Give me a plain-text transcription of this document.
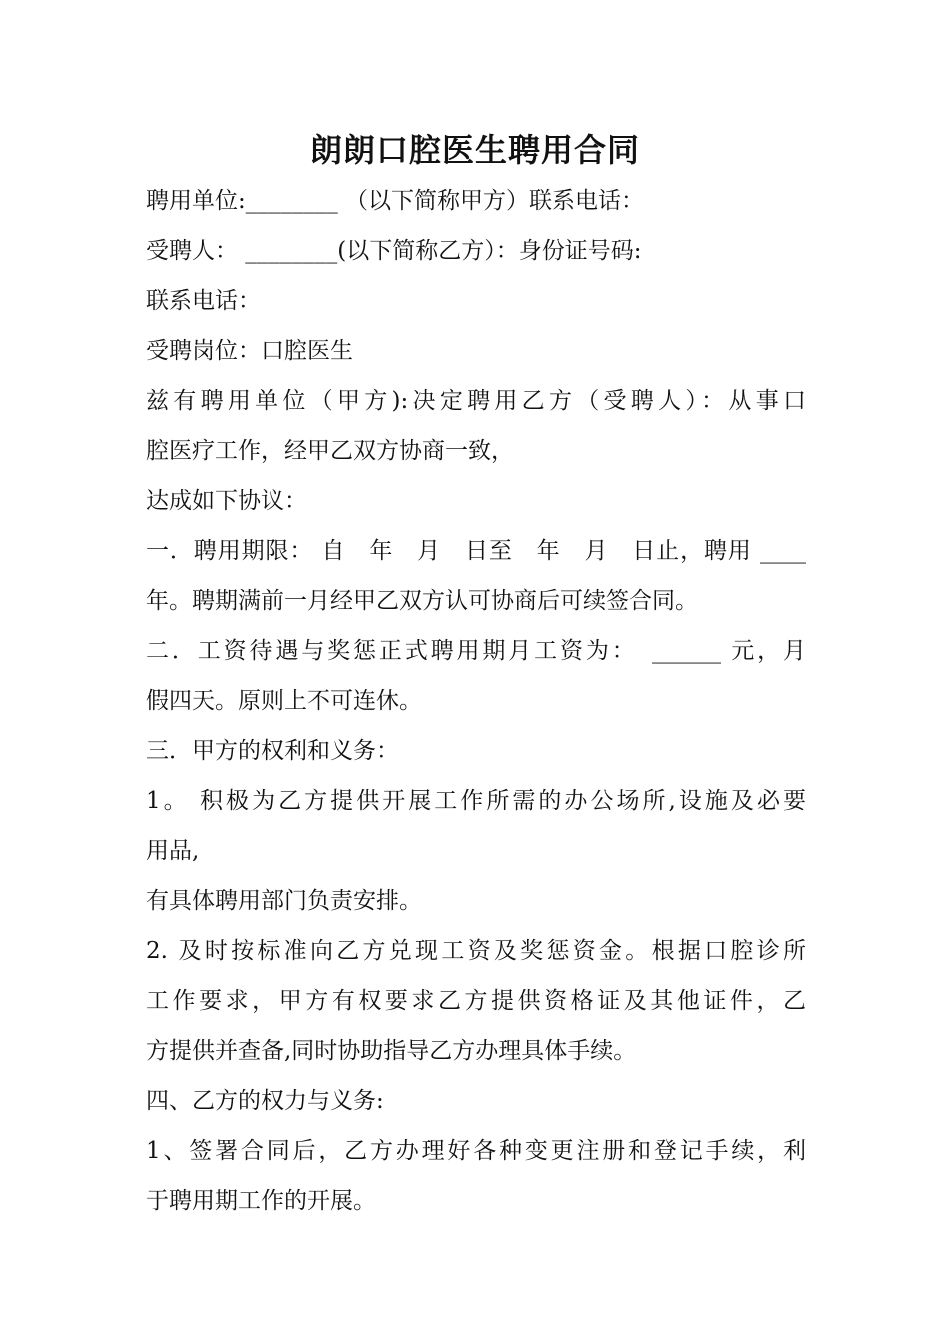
朗朗口腔医生聘用合同

聘用单位:________ （以下简称甲方）联系电话：

受聘人： ________(以下简称乙方）：身份证号码:

联系电话：

受聘岗位：口腔医生

兹有聘用单位（甲方):决定聘用乙方（受聘人）：从事口

腔医疗工作，经甲乙双方协商一致，

达成如下协议：

一．聘用期限： 自　年　月　日至　年　月　日止，聘用 ____

年。聘期满前一月经甲乙双方认可协商后可续签合同。

二．工资待遇与奖惩正式聘用期月工资为：　______ 元，月

假四天。原则上不可连休。

三．甲方的权利和义务：

1。 积极为乙方提供开展工作所需的办公场所,设施及必要

用品,

有具体聘用部门负责安排。

2. 及时按标准向乙方兑现工资及奖惩资金。根据口腔诊所

工作要求，甲方有权要求乙方提供资格证及其他证件，乙

方提供并查备,同时协助指导乙方办理具体手续。

四、乙方的权力与义务:

1、签署合同后，乙方办理好各种变更注册和登记手续，利

于聘用期工作的开展。
